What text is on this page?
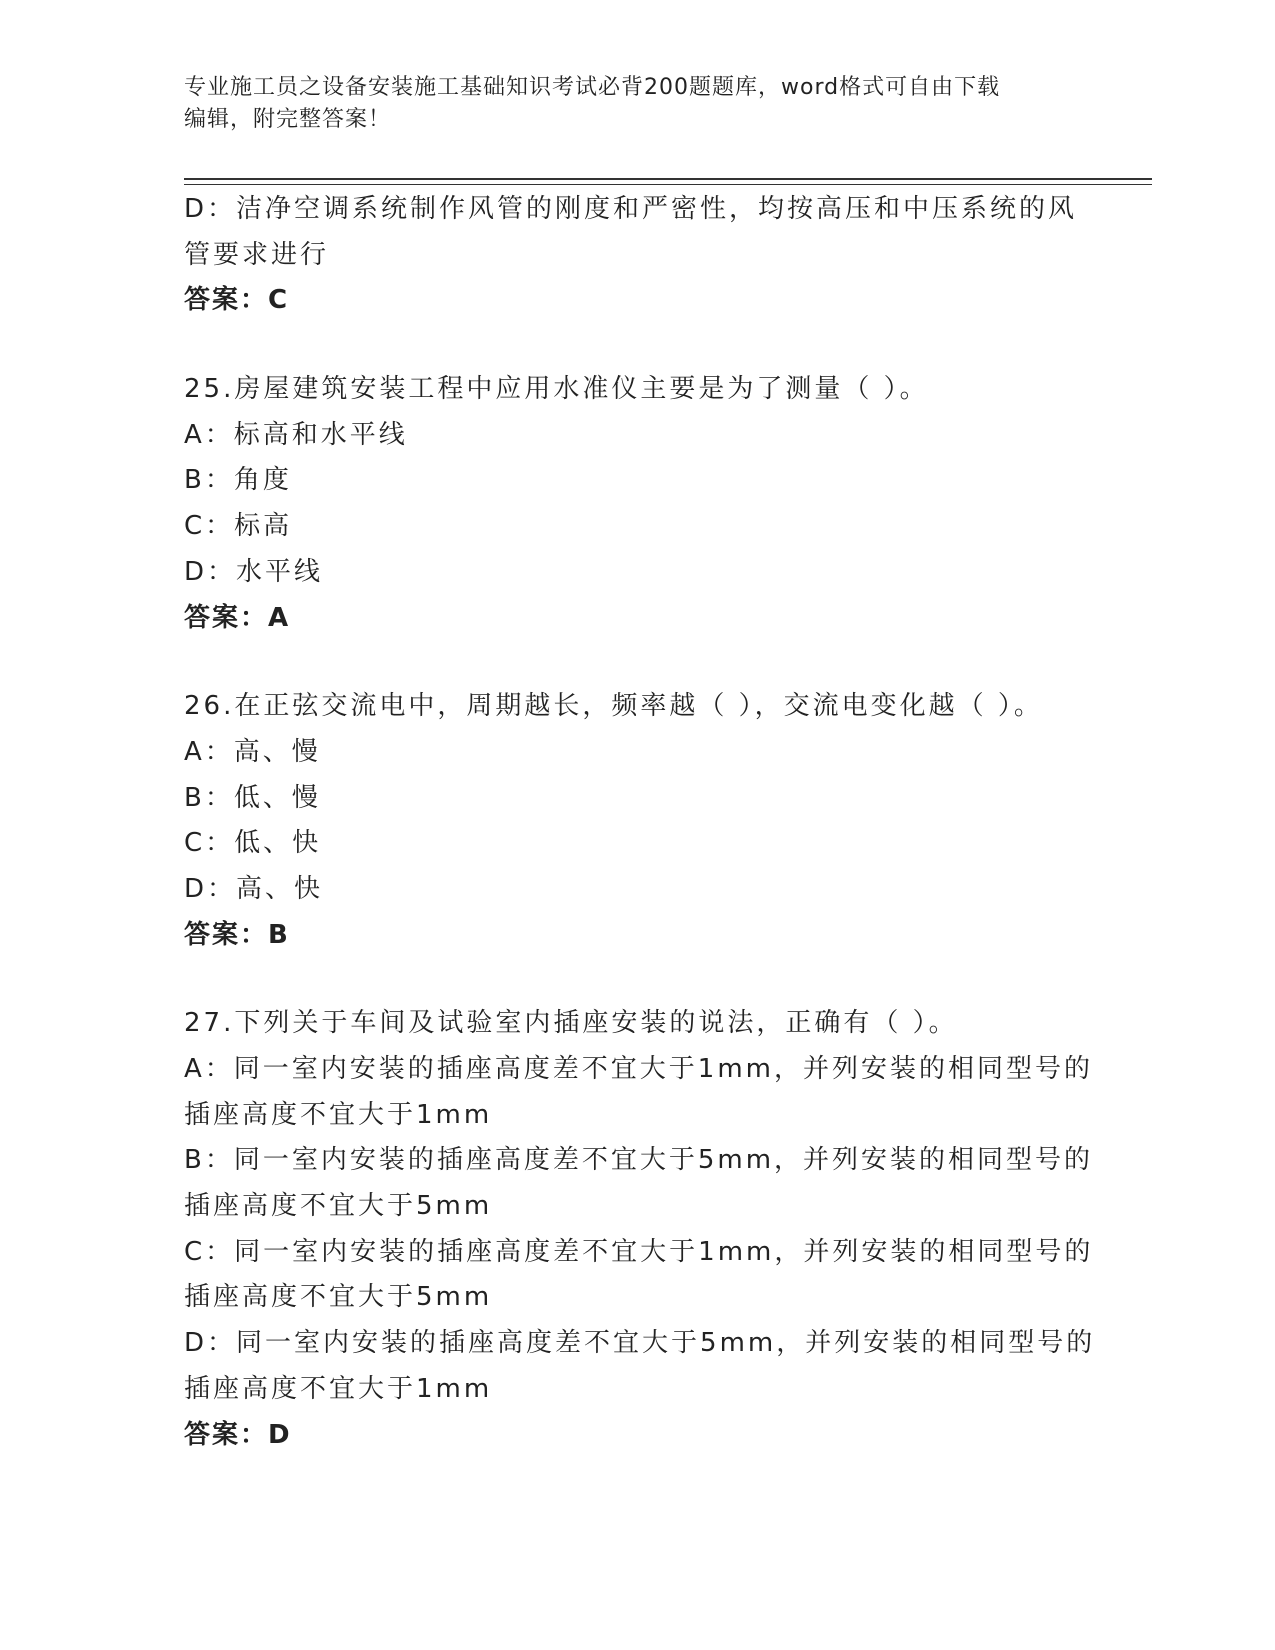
专业施工员之设备安装施工基础知识考试必背200题题库，word格式可自由下载
编辑，附完整答案！
D：洁净空调系统制作风管的刚度和严密性，均按高压和中压系统的风
管要求进行
答案：C
25.房屋建筑安装工程中应用水准仪主要是为了测量（ ）。
A：标高和水平线
B：角度
C：标高
D：水平线
答案：A
26.在正弦交流电中，周期越长，频率越（ ），交流电变化越（ ）。
A：高、慢
B：低、慢
C：低、快
D：高、快
答案：B
27.下列关于车间及试验室内插座安装的说法，正确有（ ）。
A：同一室内安装的插座高度差不宜大于1mm，并列安装的相同型号的
插座高度不宜大于1mm
B：同一室内安装的插座高度差不宜大于5mm，并列安装的相同型号的
插座高度不宜大于5mm
C：同一室内安装的插座高度差不宜大于1mm，并列安装的相同型号的
插座高度不宜大于5mm
D：同一室内安装的插座高度差不宜大于5mm，并列安装的相同型号的
插座高度不宜大于1mm
答案：D
